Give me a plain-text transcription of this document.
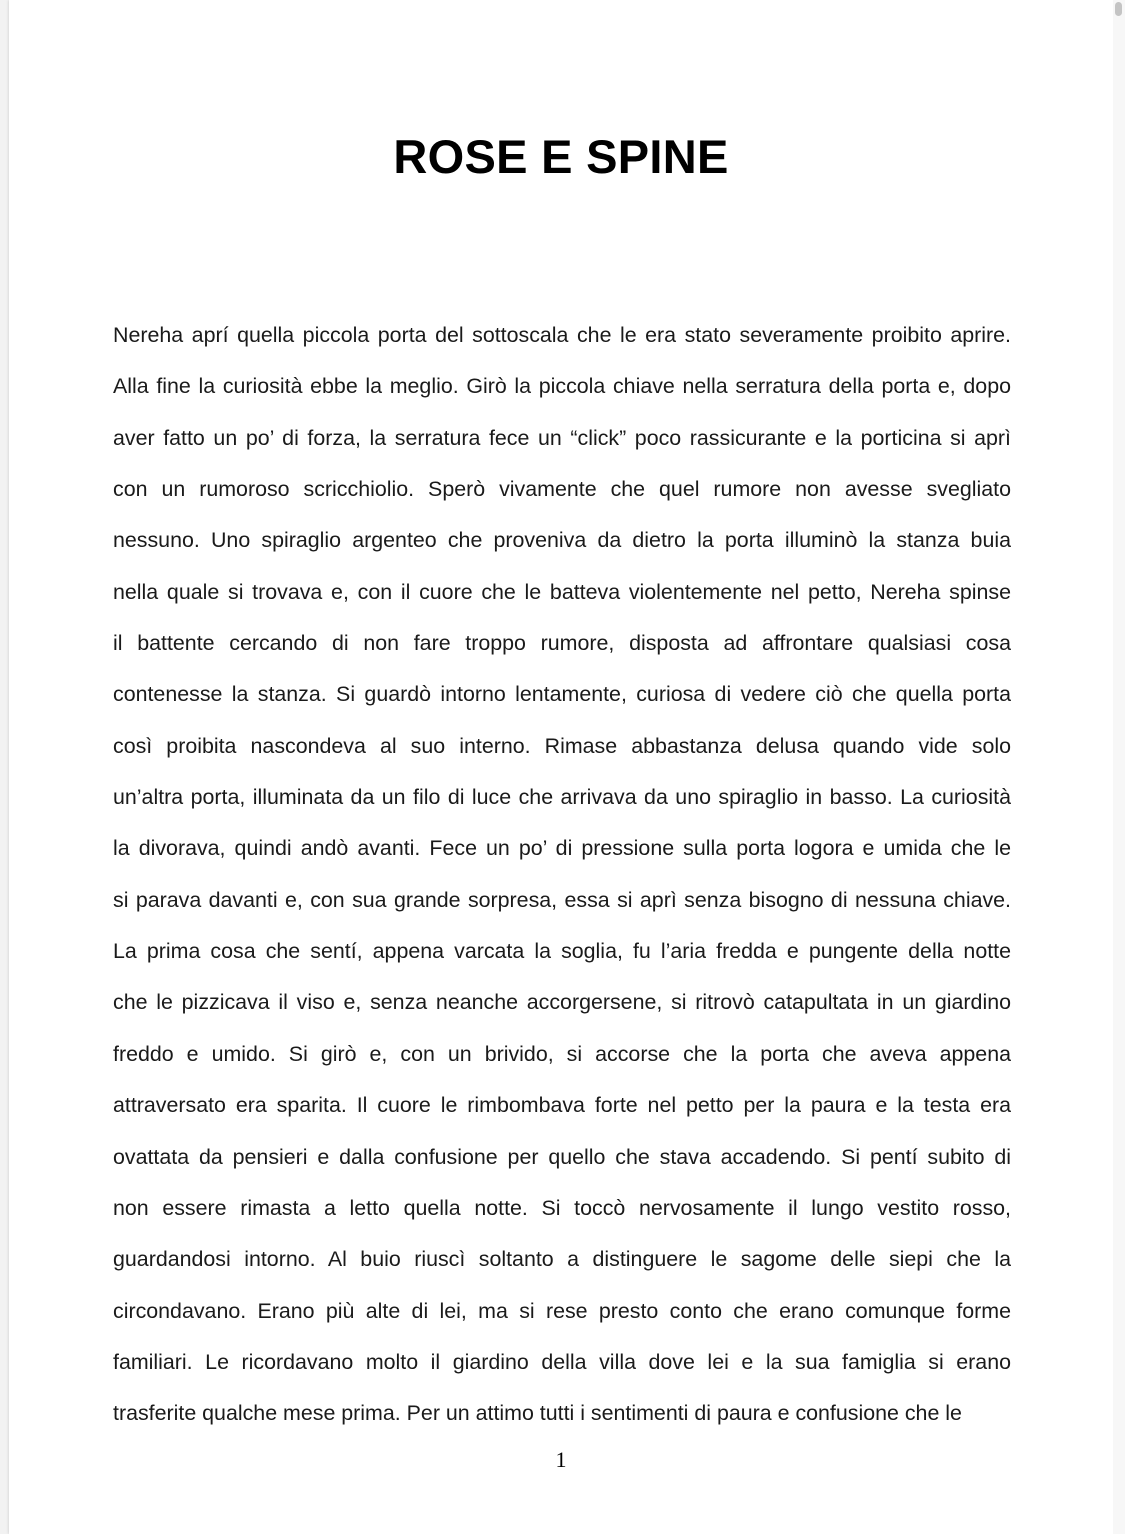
ROSE E SPINE
Nereha aprí quella piccola porta del sottoscala che le era stato severamente proibito aprire.
Alla fine la curiosità ebbe la meglio. Girò la piccola chiave nella serratura della porta e, dopo
aver fatto un po’ di forza, la serratura fece un “click” poco rassicurante e la porticina si aprì
con un rumoroso scricchiolio. Sperò vivamente che quel rumore non avesse svegliato
nessuno. Uno spiraglio argenteo che proveniva da dietro la porta illuminò la stanza buia
nella quale si trovava e, con il cuore che le batteva violentemente nel petto, Nereha spinse
il battente cercando di non fare troppo rumore, disposta ad affrontare qualsiasi cosa
contenesse la stanza. Si guardò intorno lentamente, curiosa di vedere ciò che quella porta
così proibita nascondeva al suo interno. Rimase abbastanza delusa quando vide solo
un’altra porta, illuminata da un filo di luce che arrivava da uno spiraglio in basso. La curiosità
la divorava, quindi andò avanti. Fece un po’ di pressione sulla porta logora e umida che le
si parava davanti e, con sua grande sorpresa, essa si aprì senza bisogno di nessuna chiave.
La prima cosa che sentí, appena varcata la soglia, fu l’aria fredda e pungente della notte
che le pizzicava il viso e, senza neanche accorgersene, si ritrovò catapultata in un giardino
freddo e umido. Si girò e, con un brivido, si accorse che la porta che aveva appena
attraversato era sparita. Il cuore le rimbombava forte nel petto per la paura e la testa era
ovattata da pensieri e dalla confusione per quello che stava accadendo. Si pentí subito di
non essere rimasta a letto quella notte. Si toccò nervosamente il lungo vestito rosso,
guardandosi intorno. Al buio riuscì soltanto a distinguere le sagome delle siepi che la
circondavano. Erano più alte di lei, ma si rese presto conto che erano comunque forme
familiari. Le ricordavano molto il giardino della villa dove lei e la sua famiglia si erano
trasferite qualche mese prima. Per un attimo tutti i sentimenti di paura e confusione che le
1
